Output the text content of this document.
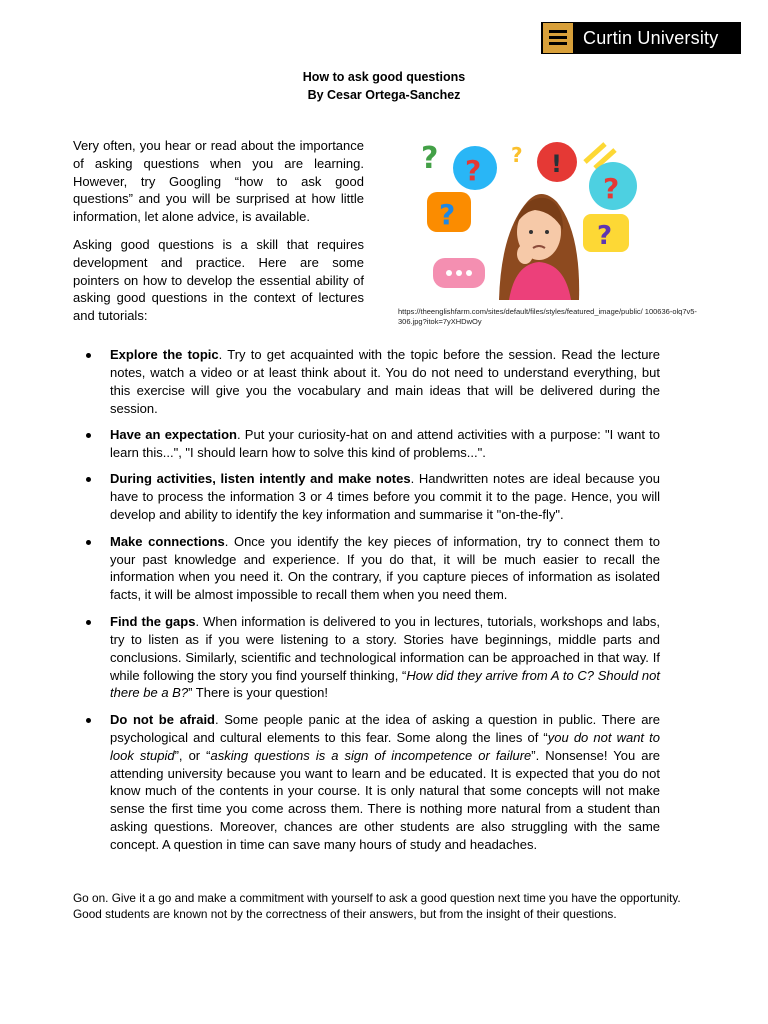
Curtin University
How to ask good questions
By Cesar Ortega-Sanchez

Very often, you hear or read about the importance of asking questions when you are learning. However, try Googling “how to ask good questions” and you will be surprised at how little information, let alone advice, is available.

Asking good questions is a skill that requires development and practice. Here are some pointers on how to develop the essential ability of asking good questions in the context of lectures and tutorials:

? ? ? !
?
?
?
https://theenglishfarm.com/sites/default/files/styles/featured_image/public/ 100636-olq7v5-306.jpg?itok=7yXHDwOy
Explore the topic. Try to get acquainted with the topic before the session. Read the lecture notes, watch a video or at least think about it. You do not need to understand everything, but this exercise will give you the vocabulary and main ideas that will be delivered during the session.
Have an expectation. Put your curiosity-hat on and attend activities with a purpose: "I want to learn this...", "I should learn how to solve this kind of problems...".
During activities, listen intently and make notes. Handwritten notes are ideal because you have to process the information 3 or 4 times before you commit it to the page. Hence, you will develop and ability to identify the key information and summarise it "on-the-fly".
Make connections. Once you identify the key pieces of information, try to connect them to your past knowledge and experience. If you do that, it will be much easier to recall the information when you need it. On the contrary, if you capture pieces of information as isolated facts, it will be almost impossible to recall them when you need them.
Find the gaps. When information is delivered to you in lectures, tutorials, workshops and labs, try to listen as if you were listening to a story. Stories have beginnings, middle parts and conclusions. Similarly, scientific and technological information can be approached in that way. If while following the story you find yourself thinking, “How did they arrive from A to C? Should not there be a B?” There is your question!
Do not be afraid. Some people panic at the idea of asking a question in public. There are psychological and cultural elements to this fear. Some along the lines of “you do not want to look stupid”, or “asking questions is a sign of incompetence or failure”. Nonsense! You are attending university because you want to learn and be educated. It is expected that you do not know much of the contents in your course. It is only natural that some concepts will not make sense the first time you come across them. There is nothing more natural from a student than asking questions. Moreover, chances are other students are also struggling with the same concept. A question in time can save many hours of study and headaches.
Go on. Give it a go and make a commitment with yourself to ask a good question next time you have the opportunity. Good students are known not by the correctness of their answers, but from the insight of their questions.
